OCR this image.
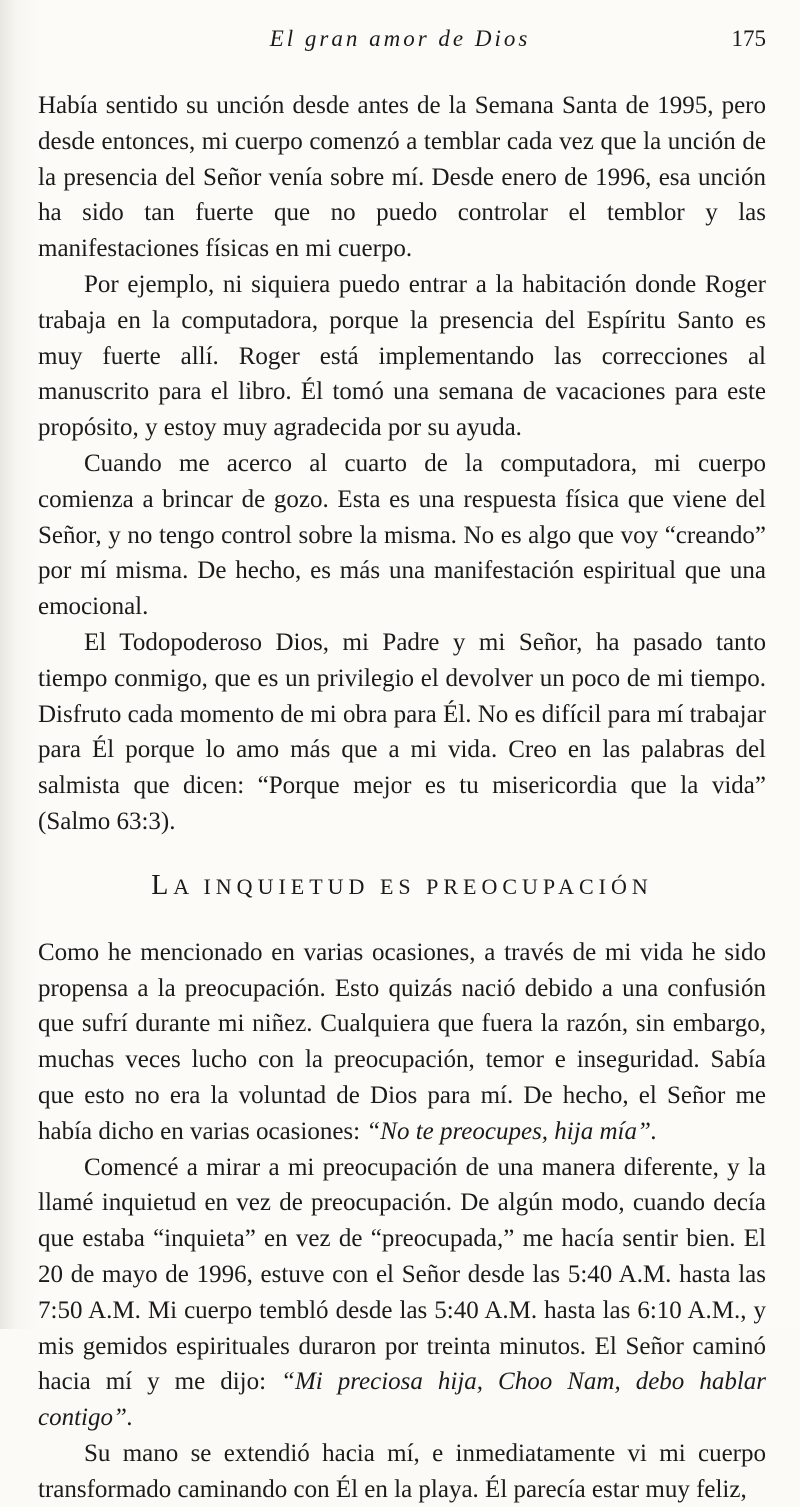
El gran amor de Dios	175

Había sentido su unción desde antes de la Semana Santa de 1995, pero desde entonces, mi cuerpo comenzó a temblar cada vez que la unción de la presencia del Señor venía sobre mí. Desde enero de 1996, esa unción ha sido tan fuerte que no puedo controlar el temblor y las manifestaciones físicas en mi cuerpo.

Por ejemplo, ni siquiera puedo entrar a la habitación donde Roger trabaja en la computadora, porque la presencia del Espíritu Santo es muy fuerte allí. Roger está implementando las correcciones al manuscrito para el libro. Él tomó una semana de vacaciones para este propósito, y estoy muy agradecida por su ayuda.

Cuando me acerco al cuarto de la computadora, mi cuerpo comienza a brincar de gozo. Esta es una respuesta física que viene del Señor, y no tengo control sobre la misma. No es algo que voy “creando” por mí misma. De hecho, es más una manifestación espiritual que una emocional.

El Todopoderoso Dios, mi Padre y mi Señor, ha pasado tanto tiempo conmigo, que es un privilegio el devolver un poco de mi tiempo. Disfruto cada momento de mi obra para Él. No es difícil para mí trabajar para Él porque lo amo más que a mi vida. Creo en las palabras del salmista que dicen: “Porque mejor es tu misericordia que la vida” (Salmo 63:3).

LA INQUIETUD ES PREOCUPACIÓN

Como he mencionado en varias ocasiones, a través de mi vida he sido propensa a la preocupación. Esto quizás nació debido a una confusión que sufrí durante mi niñez. Cualquiera que fuera la razón, sin embargo, muchas veces lucho con la preocupación, temor e inseguridad. Sabía que esto no era la voluntad de Dios para mí. De hecho, el Señor me había dicho en varias ocasiones: “No te preocupes, hija mía”.

Comencé a mirar a mi preocupación de una manera diferente, y la llamé inquietud en vez de preocupación. De algún modo, cuando decía que estaba “inquieta” en vez de “preocupada,” me hacía sentir bien. El 20 de mayo de 1996, estuve con el Señor desde las 5:40 A.M. hasta las 7:50 A.M. Mi cuerpo tembló desde las 5:40 A.M. hasta las 6:10 A.M., y mis gemidos espirituales duraron por treinta minutos. El Señor caminó hacia mí y me dijo: “Mi preciosa hija, Choo Nam, debo hablar contigo”.

Su mano se extendió hacia mí, e inmediatamente vi mi cuerpo transformado caminando con Él en la playa. Él parecía estar muy feliz,
